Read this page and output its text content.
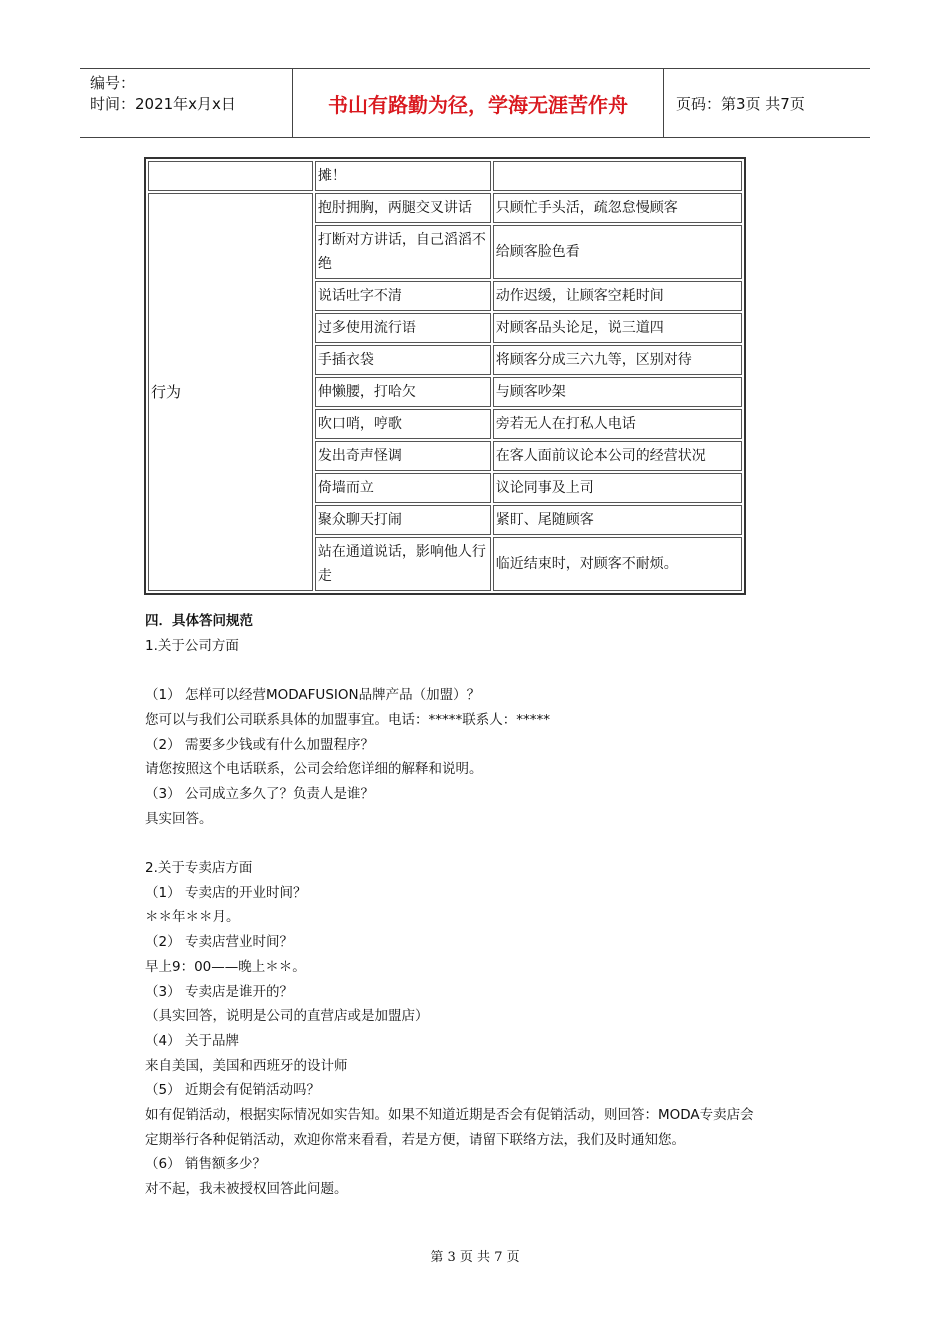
编号：
时间：2021年x月x日	书山有路勤为径，学海无涯苦作舟	页码：第3页 共7页
	摊！	
行为	抱肘拥胸，两腿交叉讲话	只顾忙手头活，疏忽怠慢顾客
	打断对方讲话，自己滔滔不绝	给顾客脸色看
	说话吐字不清	动作迟缓，让顾客空耗时间
	过多使用流行语	对顾客品头论足，说三道四
	手插衣袋	将顾客分成三六九等，区别对待
	伸懒腰，打哈欠	与顾客吵架
	吹口哨，哼歌	旁若无人在打私人电话
	发出奇声怪调	在客人面前议论本公司的经营状况
	倚墙而立	议论同事及上司
	聚众聊天打闹	紧盯、尾随顾客
	站在通道说话，影响他人行走	临近结束时，对顾客不耐烦。
四．具体答问规范
1.关于公司方面
（1） 怎样可以经营MODAFUSION品牌产品（加盟）？
您可以与我们公司联系具体的加盟事宜。电话：*****联系人：*****
（2） 需要多少钱或有什么加盟程序？
请您按照这个电话联系，公司会给您详细的解释和说明。
（3） 公司成立多久了？负责人是谁？
具实回答。
2.关于专卖店方面
（1） 专卖店的开业时间？
＊＊年＊＊月。
（2） 专卖店营业时间？
早上9：00——晚上＊＊。
（3） 专卖店是谁开的？
（具实回答，说明是公司的直营店或是加盟店）
（4） 关于品牌
来自美国，美国和西班牙的设计师
（5） 近期会有促销活动吗？
如有促销活动，根据实际情况如实告知。如果不知道近期是否会有促销活动，则回答：MODA专卖店会
定期举行各种促销活动，欢迎你常来看看，若是方便，请留下联络方法，我们及时通知您。
（6） 销售额多少？
对不起，我未被授权回答此问题。
第 3 页 共 7 页
